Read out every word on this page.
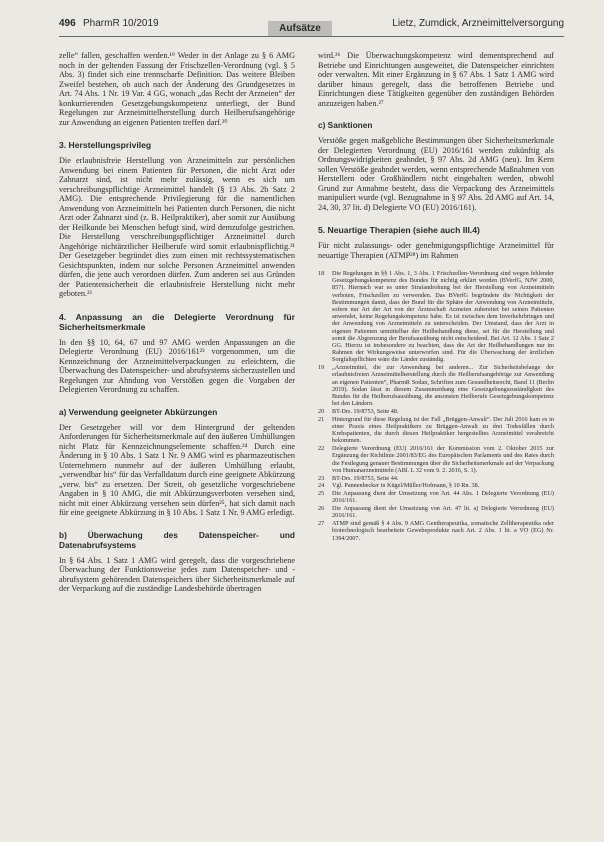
496 PharmR 10/2019	Aufsätze	Lietz, Zumdick, Arzneimittelversorgung

zelle“ fallen, geschaffen werden.¹⁹ Weder in der Anlage zu § 6 AMG noch in der geltenden Fassung der Frischzellen-Verordnung (vgl. § 5 Abs. 3) findet sich eine trennscharfe Definition. Das weitere Bleiben Zweifel bestehen, ob auch nach der Änderung des Grundgesetzes in Art. 74 Abs. 1 Nr. 19 Var. 4 GG, wonach „das Recht der Arzneien“ der konkurrierenden Gesetzgebungskompetenz unterliegt, der Bund Regelungen zur Arzneimittelherstellung durch Heilberufsangehörige zur Anwendung an eigenen Patienten treffen darf.²⁰

3. Herstellungsprivileg

Die erlaubnisfreie Herstellung von Arzneimitteln zur persönlichen Anwendung bei einem Patienten für Personen, die nicht Arzt oder Zahnarzt sind, ist nicht mehr zulässig, wenn es sich um verschreibungspflichtige Arzneimittel handelt (§ 13 Abs. 2b Satz 2 AMG). Die entsprechende Privilegierung für die namentlichen Anwendung von Arzneimitteln bei Patienten durch Personen, die nicht Arzt oder Zahnarzt sind (z. B. Heilpraktiker), aber somit zur Ausübung der Heilkunde bei Menschen befugt sind, wird demzufolge gestrichen. Die Herstellung verschreibungspflichtiger Arzneimittel durch Angehörige nichtärztlicher Heilberufe wird somit erlaubnispflichtig.²¹ Der Gesetzgeber begründet dies zum einen mit rechtssystematischen Gesichtspunkten, indem nur solche Personen Arzneimittel anwenden dürfen, die jene auch verordnen dürfen. Zum anderen sei aus Gründen der Patientensicherheit die erlaubnisfreie Herstellung nicht mehr geboten.²²

4. Anpassung an die Delegierte Verordnung für Sicherheitsmerkmale

In den §§ 10, 64, 67 und 97 AMG werden Anpassungen an die Delegierte Verordnung (EU) 2016/161²³ vorgenommen, um die Kennzeichnung der Arzneimittelverpackungen zu erleichtern, die Überwachung des Datenspeicher- und abrufsystems sicherzustellen und Regelungen zur Ahndung von Verstößen gegen die Vorgaben der Delegierten Verordnung zu schaffen.

a) Verwendung geeigneter Abkürzungen

Der Gesetzgeber will vor dem Hintergrund der geltenden Anforderungen für Sicherheitsmerkmale auf den äußeren Umhüllungen nicht Platz für Kennzeichnungselemente schaffen.²⁴ Durch eine Änderung in § 10 Abs. 1 Satz 1 Nr. 9 AMG wird es pharmazeutischen Unternehmern nunmehr auf der äußeren Umhüllung erlaubt, „verwendbar bis“ für das Verfalldatum durch eine geeignete Abkürzung „verw. bis“ zu ersetzen. Der Streit, ob gesetzliche vorgeschriebene Angaben in § 10 AMG, die mit Abkürzungsverboten versehen sind, nicht mit einer Abkürzung versehen sein dürfen²⁵, hat sich damit nach für eine geeignete Abkürzung in § 10 Abs. 1 Satz 1 Nr. 9 AMG erledigt.

b) Überwachung des Datenspeicher- und Datenabrufsystems

In § 64 Abs. 1 Satz 1 AMG wird geregelt, dass die vorgeschriebene Überwachung der Funktionsweise jedes zum Datenspeicher- und -abrufsystem gehörenden Datenspeichers über Sicherheitsmerkmale auf der Verpackung auf die zuständige Landesbehörde übertragen

wird.²⁶ Die Überwachungskompetenz wird dementsprechend auf Betriebe und Einrichtungen ausgeweitet, die Datenspeicher einrichten oder verwalten. Mit einer Ergänzung in § 67 Abs. 1 Satz 1 AMG wird darüber hinaus geregelt, dass die betroffenen Betriebe und Einrichtungen diese Tätigkeiten gegenüber den zuständigen Behörden anzuzeigen haben.²⁷

c) Sanktionen

Verstöße gegen maßgebliche Bestimmungen über Sicherheitsmerkmale der Delegierten Verordnung (EU) 2016/161 werden zukünftig als Ordnungswidrigkeiten geahndet, § 97 Abs. 2d AMG (neu). Im Kern sollen Verstöße geahndet werden, wenn entsprechende Maßnahmen von Herstellern oder Großhändlern nicht eingehalten werden, obwohl Grund zur Annahme besteht, dass die Verpackung des Arzneimittels manipuliert wurde (vgl. Bezugnahme in § 97 Abs. 2d AMG auf Art. 14, 24, 30, 37 lit. d) Delegierte VO (EU) 2016/161).

5. Neuartige Therapien (siehe auch III.4)

Für nicht zulassungs- oder genehmigungspflichtige Arzneimittel für neuartige Therapien (ATMP²⁸) im Rahmen

18	Die Regelungen in §§ 1 Abs. 1, 3 Abs. 1 Frischzellen-Verordnung sind wegen fehlender Gesetzgebungskompetenz des Bundes für nichtig erklärt worden (BVerfG, NJW 2000, 857). Hiernach war es unter Strafandrohung bei der Herstellung von Arzneimitteln verboten, Frischzellen zu verwenden. Das BVerfG begründete die Nichtigkeit der Bestimmungen damit, dass der Bund für die Sphäre der Anwendung von Arzneimitteln, sofern nur Art der Art von der Ärzteschaft Arzneien zubereitet bei seinen Patienten anwendet, keine Regelungskompetenz habe. Es ist zwischen dem Inverkehrbringen und der Anwendung von Arzneimitteln zu unterscheiden. Der Umstand, dass der Arzt in eigenen Patienten unmittelbar der Heilbehandlung diene, sei für die Herstellung und somit die Abgrenzung der Berufsausübung nicht entscheidend. Bei Art. 12 Abs. 1 Satz 2 GG. Hierzu ist insbesondere zu beachten, dass die Art der Heilbehandlungen nur im Rahmen der Wirkungsweise unterworfen sind. Für die Überwachung der ärztlichen Sorgfaltspflichten wäre die Länder zuständig.
19	„Arzneimittel, die zur Anwendung bei anderen... Zur Sicherheitsbelange der erlaubnisfreien Arzneimittelherstellung durch die Heilberufsangehörige zur Anwendung an eigenen Patienten“, PharmR Sodan, Schriften zum Gesundheitsrecht, Band 11 (Berlin 2019). Sodan lässt in diesem Zusammenhang eine Gesetzgebungszuständigkeit des Bundes für die Heilberufsausübung, die ansonsten Heilberufe Gesetzgebungskompetenz bei den Ländern.
20	BT-Drs. 19/8753, Seite 48.
21	Hintergrund für diese Regelung ist der Fall „Brüggen-Anwalt“. Der Juli 2016 kam es in einer Praxis eines Heilpraktikers zu Brüggen-Anwalt zu drei Todesfällen durch Krebspatienten, die durch diesen Heilpraktiker hergestelltes Arzneimittel verabreicht bekommen.
22	Delegierte Verordnung (EU) 2016/161 der Kommission vom 2. Oktober 2015 zur Ergänzung der Richtlinie 2001/83/EG des Europäischen Parlaments und des Rates durch die Festlegung genauer Bestimmungen über die Sicherheitsmerkmale auf der Verpackung von Humanarzneimitteln (ABl. L 32 vom 9. 2. 2016, S. 1).
23	BT-Drs. 19/8753, Seite 44.
24	Vgl. Pannenbecker in Kügel/Müller/Hofmann, § 10 Rn. 38.
25	Die Anpassung dient der Umsetzung von Art. 44 Abs. 1 Delegierte Verordnung (EU) 2016/161.
26	Die Anpassung dient der Umsetzung von Art. 47 lit. a) Delegierte Verordnung (EU) 2016/161.
27	ATMP sind gemäß § 4 Abs. 9 AMG Gentherapeutika, somatische Zelltherapeutika oder biotechnologisch bearbeitete Gewebeprodukte nach Art. 2 Abs. 1 lit. a VO (EG) Nr. 1394/2007.
